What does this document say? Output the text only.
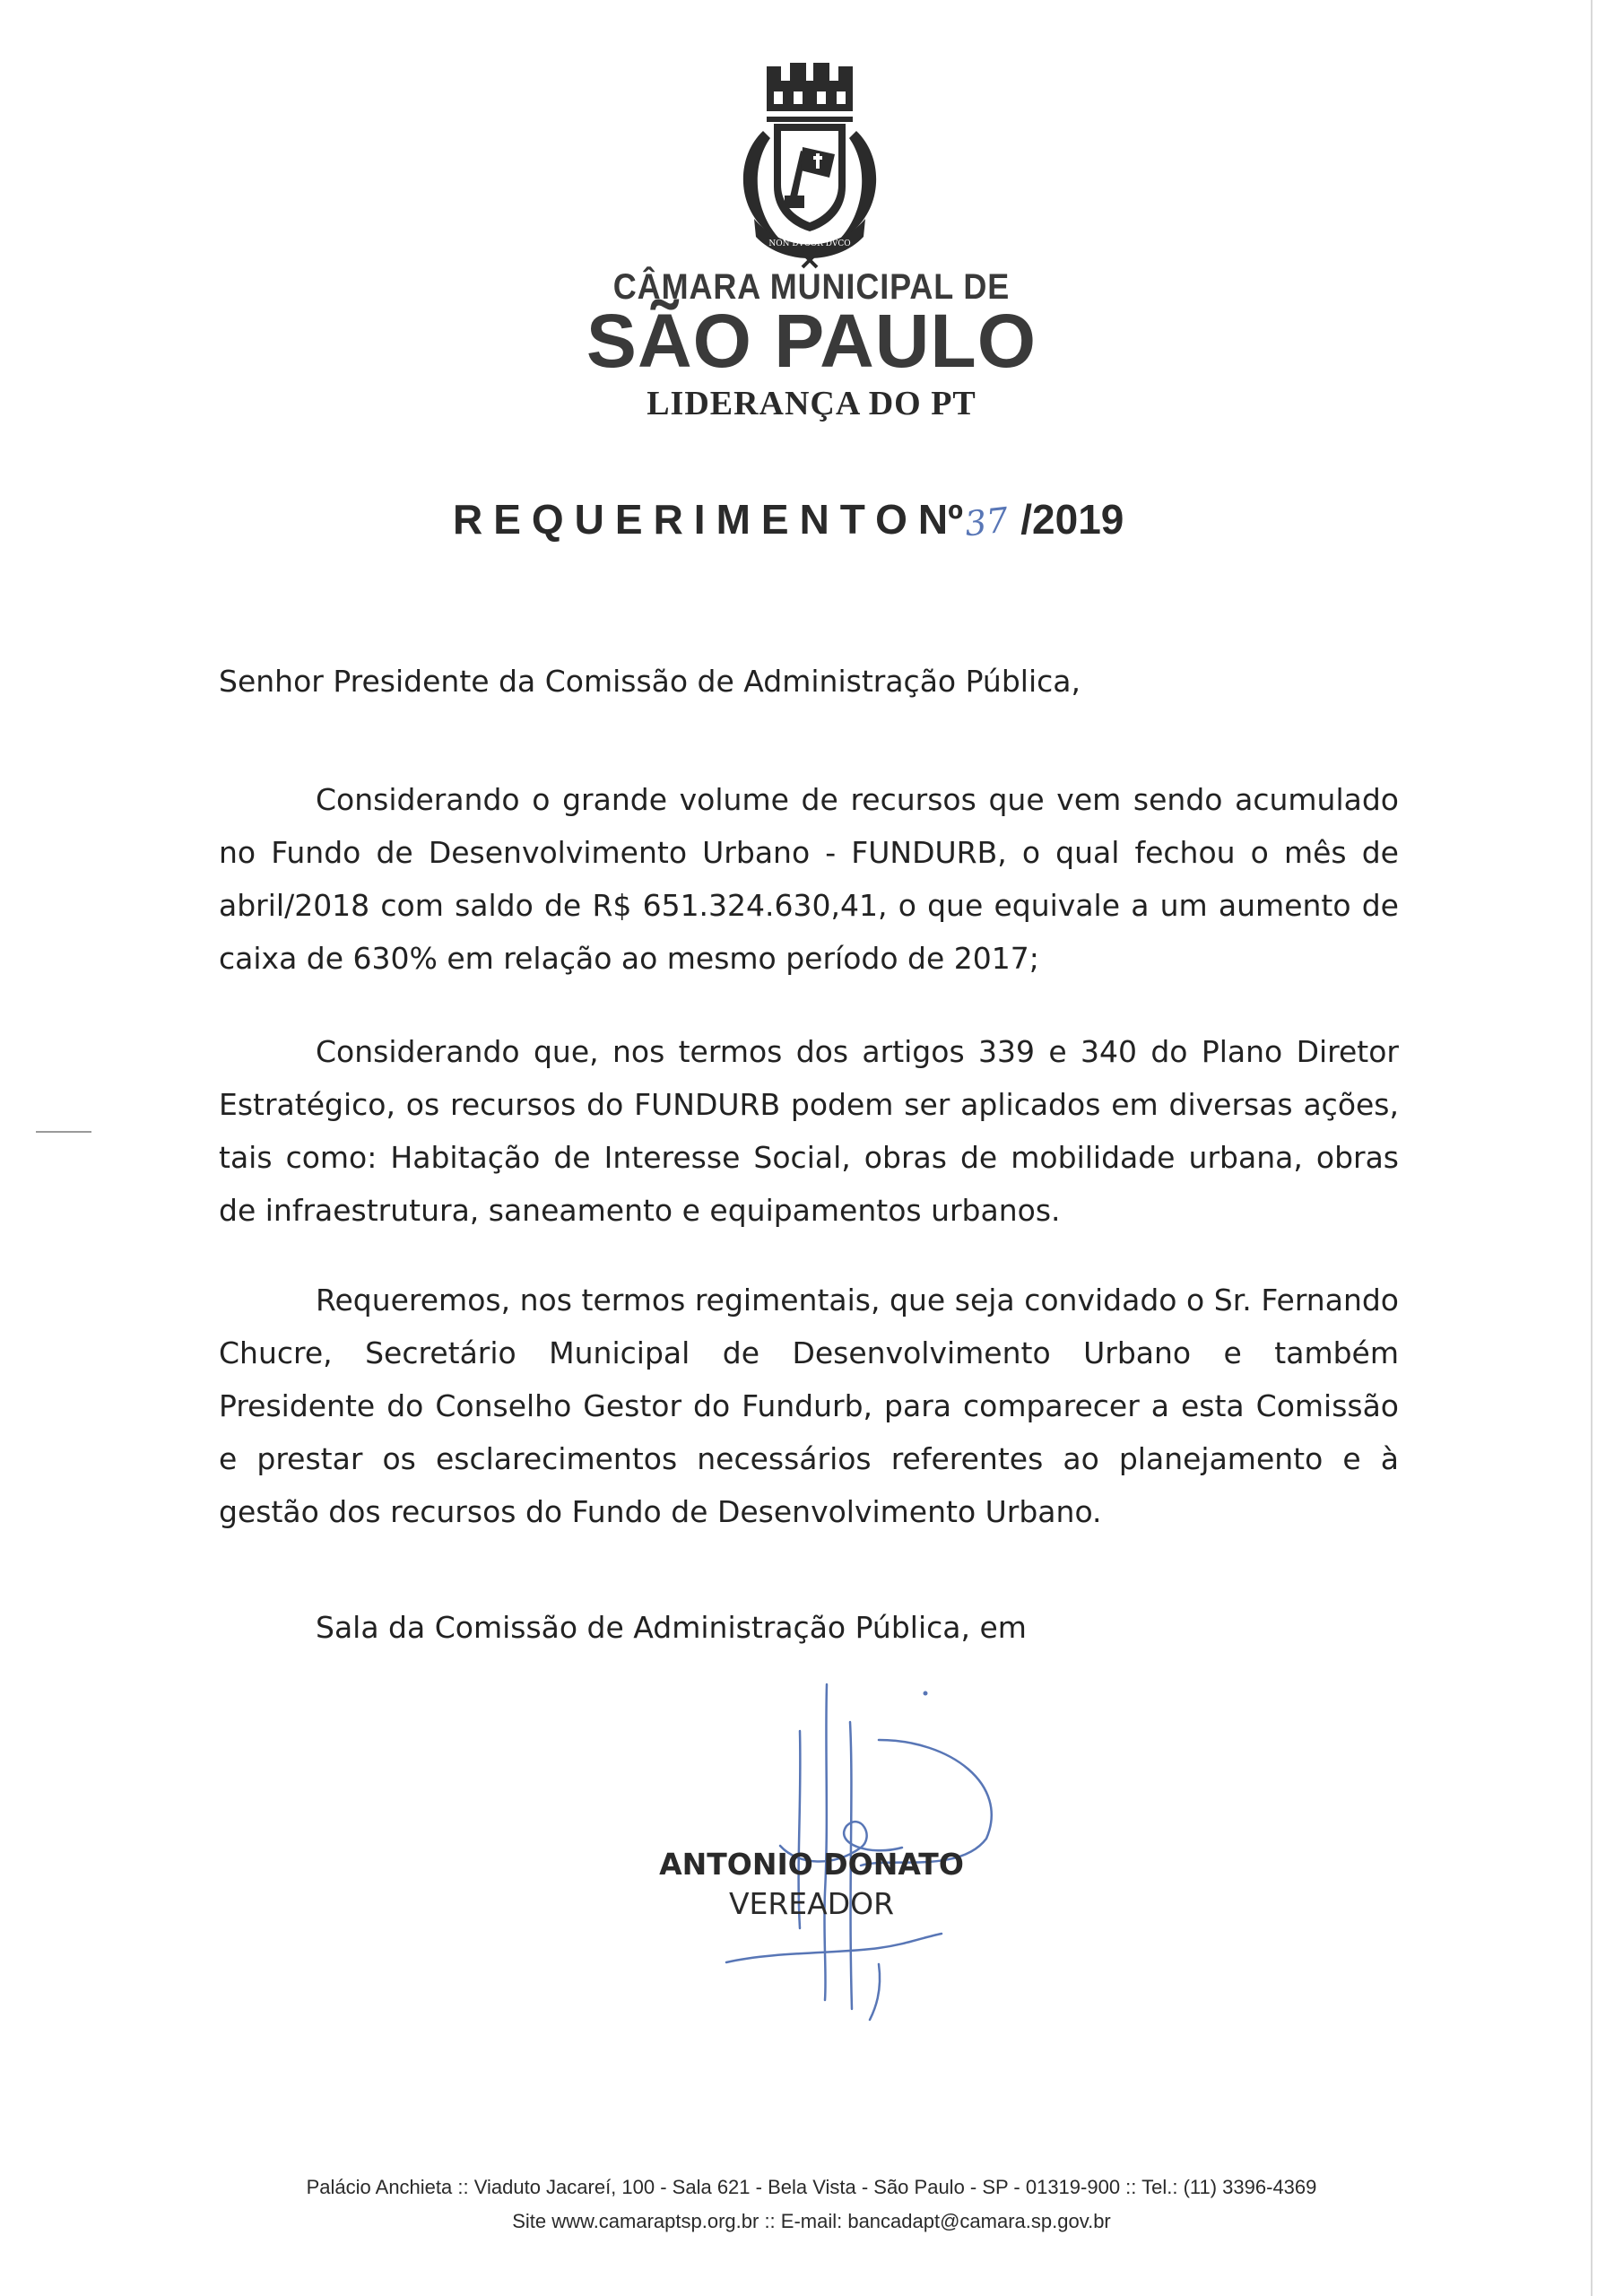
NON DVCOR DVCO
CÂMARA MUNICIPAL DE
SÃO PAULO
LIDERANÇA DO PT
REQUERIMENTONº37 /2019
Senhor Presidente da Comissão de Administração Pública,
Considerando o grande volume de recursos que vem sendo acumulado no Fundo de Desenvolvimento Urbano - FUNDURB, o qual fechou o mês de abril/2018 com saldo de R$ 651.324.630,41, o que equivale a um aumento de caixa de 630% em relação ao mesmo período de 2017;
Considerando que, nos termos dos artigos 339 e 340 do Plano Diretor Estratégico, os recursos do FUNDURB podem ser aplicados em diversas ações, tais como: Habitação de Interesse Social, obras de mobilidade urbana, obras de infraestrutura, saneamento e equipamentos urbanos.
Requeremos, nos termos regimentais, que seja convidado o Sr. Fernando Chucre, Secretário Municipal de Desenvolvimento Urbano e também Presidente do Conselho Gestor do Fundurb, para comparecer a esta Comissão e prestar os esclarecimentos necessários referentes ao planejamento e à gestão dos recursos do Fundo de Desenvolvimento Urbano.
Sala da Comissão de Administração Pública, em
ANTONIO DONATO
VEREADOR
Palácio Anchieta :: Viaduto Jacareí, 100 - Sala 621 - Bela Vista - São Paulo - SP - 01319-900 :: Tel.: (11) 3396-4369
Site www.camaraptsp.org.br :: E-mail: bancadapt@camara.sp.gov.br
